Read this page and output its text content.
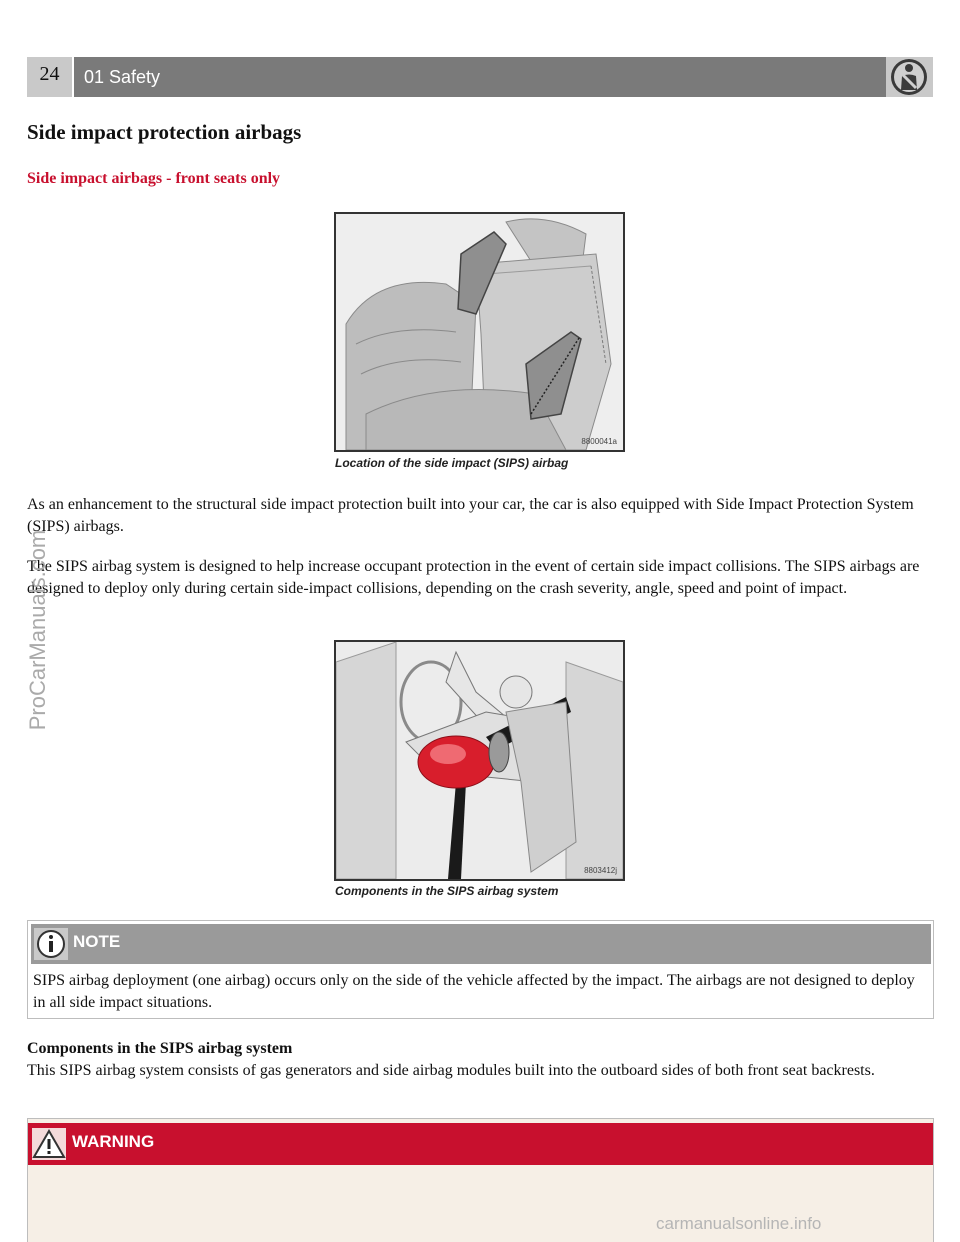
24	01 Safety
Side impact protection airbags
Side impact airbags - front seats only
8800041a
Location of the side impact (SIPS) airbag

As an enhancement to the structural side impact protection built into your car, the car is also equipped with Side Impact Protection System (SIPS) airbags.

The SIPS airbag system is designed to help increase occupant protection in the event of certain side impact collisions. The SIPS airbags are designed to deploy only during certain side-impact collisions, depending on the crash severity, angle, speed and point of impact.

8803412j
Components in the SIPS airbag system
NOTE

SIPS airbag deployment (one airbag) occurs only on the side of the vehicle affected by the impact. The airbags are not designed to deploy in all side impact situations.

Components in the SIPS airbag system

This SIPS airbag system consists of gas generators and side airbag modules built into the outboard sides of both front seat backrests.

WARNING
ProCarManuals.com
carmanualsonline.info
